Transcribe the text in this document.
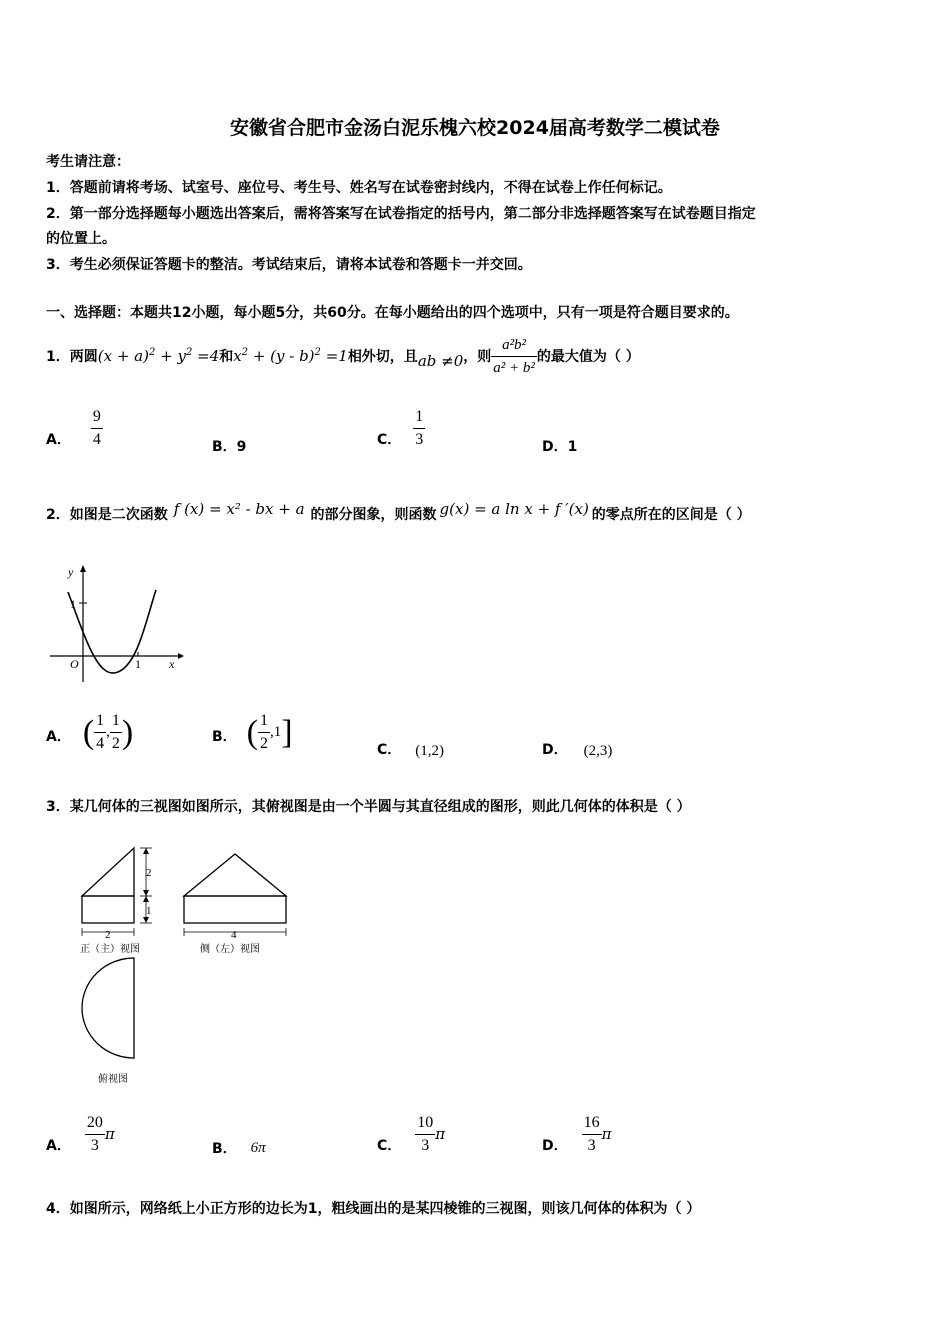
安徽省合肥市金汤白泥乐槐六校2024届高考数学二模试卷
考生请注意：
1．答题前请将考场、试室号、座位号、考生号、姓名写在试卷密封线内，不得在试卷上作任何标记。
2．第一部分选择题每小题选出答案后，需将答案写在试卷指定的括号内，第二部分非选择题答案写在试卷题目指定
的位置上。
3．考生必须保证答题卡的整洁。考试结束后，请将本试卷和答题卡一并交回。
一、选择题：本题共12小题，每小题5分，共60分。在每小题给出的四个选项中，只有一项是符合题目要求的。
1．两圆 $(x + a)^2 + y^2 =4$ 和 $x^2 + (y - b)^2 =1$ 相外切，且 ab ≠0 ，则 $\frac{\text{a²b²}}{\text{a² + b²}}$ 的最大值为（ ）
A． $\frac{9}{4}$	B．9	C． $\frac{1}{3}$	D．1
2．如图是二次函数 f (x) = x² - bx + a 的部分图象，则函数 g(x) = a ln x + f ′(x) 的零点所在的区间是（ ）
y
1
O	1 x
A． ( $\frac{1}{4}$ , $\frac{1}{2}$ )	B． ( $\frac{1}{2} ,1$ ]	C． (1,2)	D． (2,3)
3．某几何体的三视图如图所示，其俯视图是由一个半圆与其直径组成的图形，则此几何体的体积是（ ）
2
2
1
4
正（主）视图	侧（左）视图
俯视图
A． $\frac{20}{3}$ π
B． 6π	C． $\frac{10}{3}$ π
D． $\frac{16}{3}$ π
4．如图所示，网络纸上小正方形的边长为1，粗线画出的是某四棱锥的三视图，则该几何体的体积为（ ）
